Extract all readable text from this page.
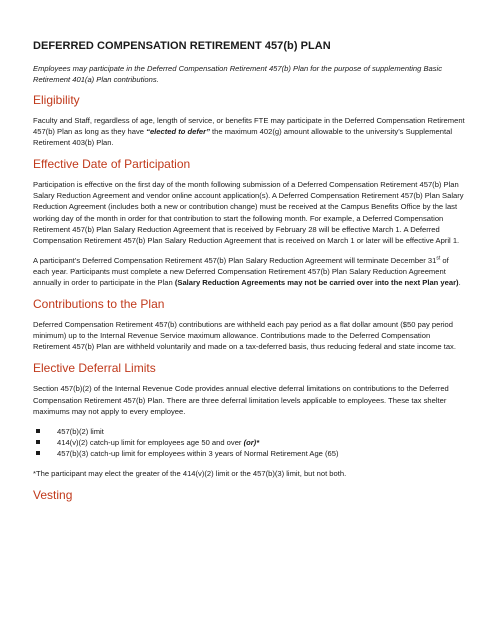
DEFERRED COMPENSATION RETIREMENT 457(b) PLAN

Employees may participate in the Deferred Compensation Retirement 457(b) Plan for the purpose of supplementing Basic Retirement 401(a) Plan contributions.

Eligibility

Faculty and Staff, regardless of age, length of service, or benefits FTE may participate in the Deferred Compensation Retirement 457(b) Plan as long as they have “elected to defer” the maximum 402(g) amount allowable to the university’s Supplemental Retirement 403(b) Plan.

Effective Date of Participation

Participation is effective on the first day of the month following submission of a Deferred Compensation Retirement 457(b) Plan Salary Reduction Agreement and vendor online account application(s). A Deferred Compensation Retirement 457(b) Plan Salary Reduction Agreement (includes both a new or contribution change) must be received at the Campus Benefits Office by the last working day of the month in order for that contribution to start the following month. For example, a Deferred Compensation Retirement 457(b) Plan Salary Reduction Agreement that is received by February 28 will be effective March 1. A Deferred Compensation Retirement 457(b) Plan Salary Reduction Agreement that is received on March 1 or later will be effective April 1.

A participant’s Deferred Compensation Retirement 457(b) Plan Salary Reduction Agreement will terminate December 31st of each year. Participants must complete a new Deferred Compensation Retirement 457(b) Plan Salary Reduction Agreement annually in order to participate in the Plan (Salary Reduction Agreements may not be carried over into the next Plan year).

Contributions to the Plan

Deferred Compensation Retirement 457(b) contributions are withheld each pay period as a flat dollar amount ($50 pay period minimum) up to the Internal Revenue Service maximum allowance. Contributions made to the Deferred Compensation Retirement 457(b) Plan are withheld voluntarily and made on a tax-deferred basis, thus reducing federal and state income tax.

Elective Deferral Limits

Section 457(b)(2) of the Internal Revenue Code provides annual elective deferral limitations on contributions to the Deferred Compensation Retirement 457(b) Plan. There are three deferral limitation levels applicable to employees. These tax shelter maximums may not apply to every employee.

457(b)(2) limit
414(v)(2) catch-up limit for employees age 50 and over (or)*
457(b)(3) catch-up limit for employees within 3 years of Normal Retirement Age (65)

*The participant may elect the greater of the 414(v)(2) limit or the 457(b)(3) limit, but not both.

Vesting
